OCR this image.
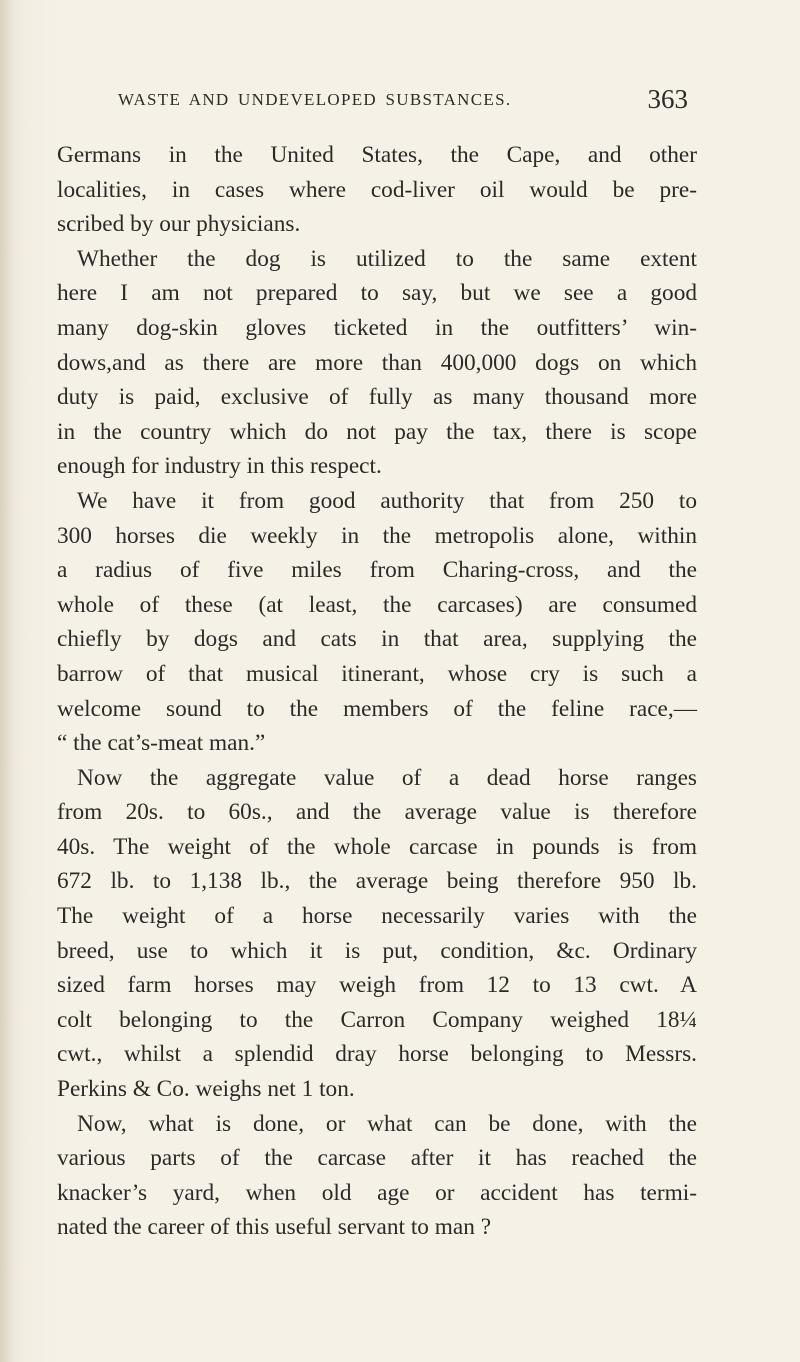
WASTE AND UNDEVELOPED SUBSTANCES.	363
Germans in the United States, the Cape, and other
localities, in cases where cod-liver oil would be pre-
scribed by our physicians.
Whether the dog is utilized to the same extent
here I am not prepared to say, but we see a good
many dog-skin gloves ticketed in the outfitters’ win-
dows,and as there are more than 400,000 dogs on which
duty is paid, exclusive of fully as many thousand more
in the country which do not pay the tax, there is scope
enough for industry in this respect.
We have it from good authority that from 250 to
300 horses die weekly in the metropolis alone, within
a radius of five miles from Charing-cross, and the
whole of these (at least, the carcases) are consumed
chiefly by dogs and cats in that area, supplying the
barrow of that musical itinerant, whose cry is such a
welcome sound to the members of the feline race,—
“ the cat’s-meat man.”
Now the aggregate value of a dead horse ranges
from 20s. to 60s., and the average value is therefore
40s. The weight of the whole carcase in pounds is from
672 lb. to 1,138 lb., the average being therefore 950 lb.
The weight of a horse necessarily varies with the
breed, use to which it is put, condition, &c. Ordinary
sized farm horses may weigh from 12 to 13 cwt. A
colt belonging to the Carron Company weighed 18¼
cwt., whilst a splendid dray horse belonging to Messrs.
Perkins & Co. weighs net 1 ton.
Now, what is done, or what can be done, with the
various parts of the carcase after it has reached the
knacker’s yard, when old age or accident has termi-
nated the career of this useful servant to man ?
